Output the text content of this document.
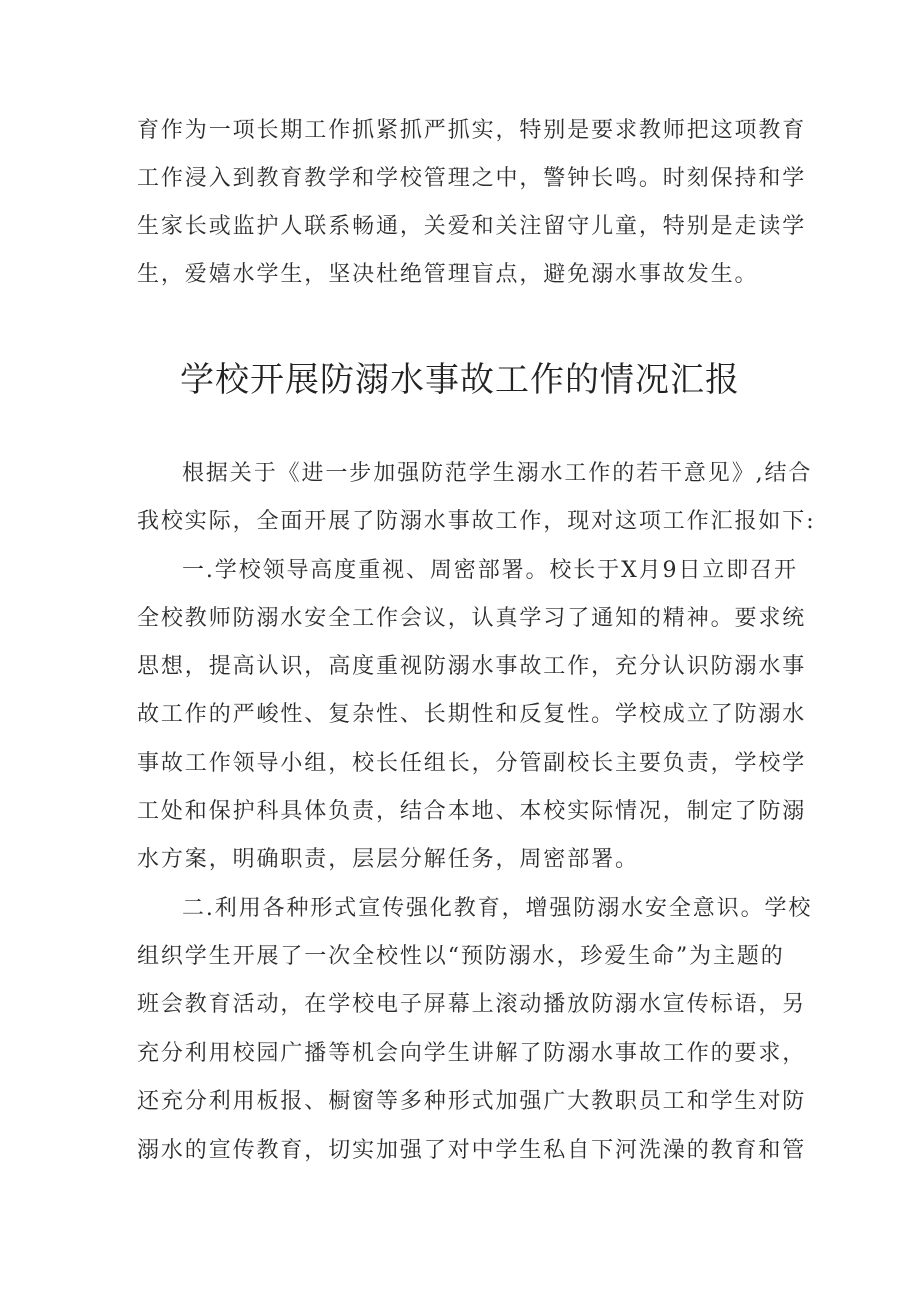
育作为一项长期工作抓紧抓严抓实，特别是要求教师把这项教育
工作浸入到教育教学和学校管理之中，警钟长鸣。时刻保持和学
生家长或监护人联系畅通，关爱和关注留守儿童，特别是走读学
生，爱嬉水学生，坚决杜绝管理盲点，避免溺水事故发生。
学校开展防溺水事故工作的情况汇报
根据关于《进一步加强防范学生溺水工作的若干意见》,结合
我校实际，全面开展了防溺水事故工作，现对这项工作汇报如下:
一.学校领导高度重视、周密部署。校长于X月9日立即召开
全校教师防溺水安全工作会议，认真学习了通知的精神。要求统
思想，提高认识，高度重视防溺水事故工作，充分认识防溺水事
故工作的严峻性、复杂性、长期性和反复性。学校成立了防溺水
事故工作领导小组，校长任组长，分管副校长主要负责，学校学
工处和保护科具体负责，结合本地、本校实际情况，制定了防溺
水方案，明确职责，层层分解任务，周密部署。
二.利用各种形式宣传强化教育，增强防溺水安全意识。学校
组织学生开展了一次全校性以“预防溺水，珍爱生命”为主题的
班会教育活动，在学校电子屏幕上滚动播放防溺水宣传标语，另
充分利用校园广播等机会向学生讲解了防溺水事故工作的要求，
还充分利用板报、橱窗等多种形式加强广大教职员工和学生对防
溺水的宣传教育，切实加强了对中学生私自下河洗澡的教育和管
